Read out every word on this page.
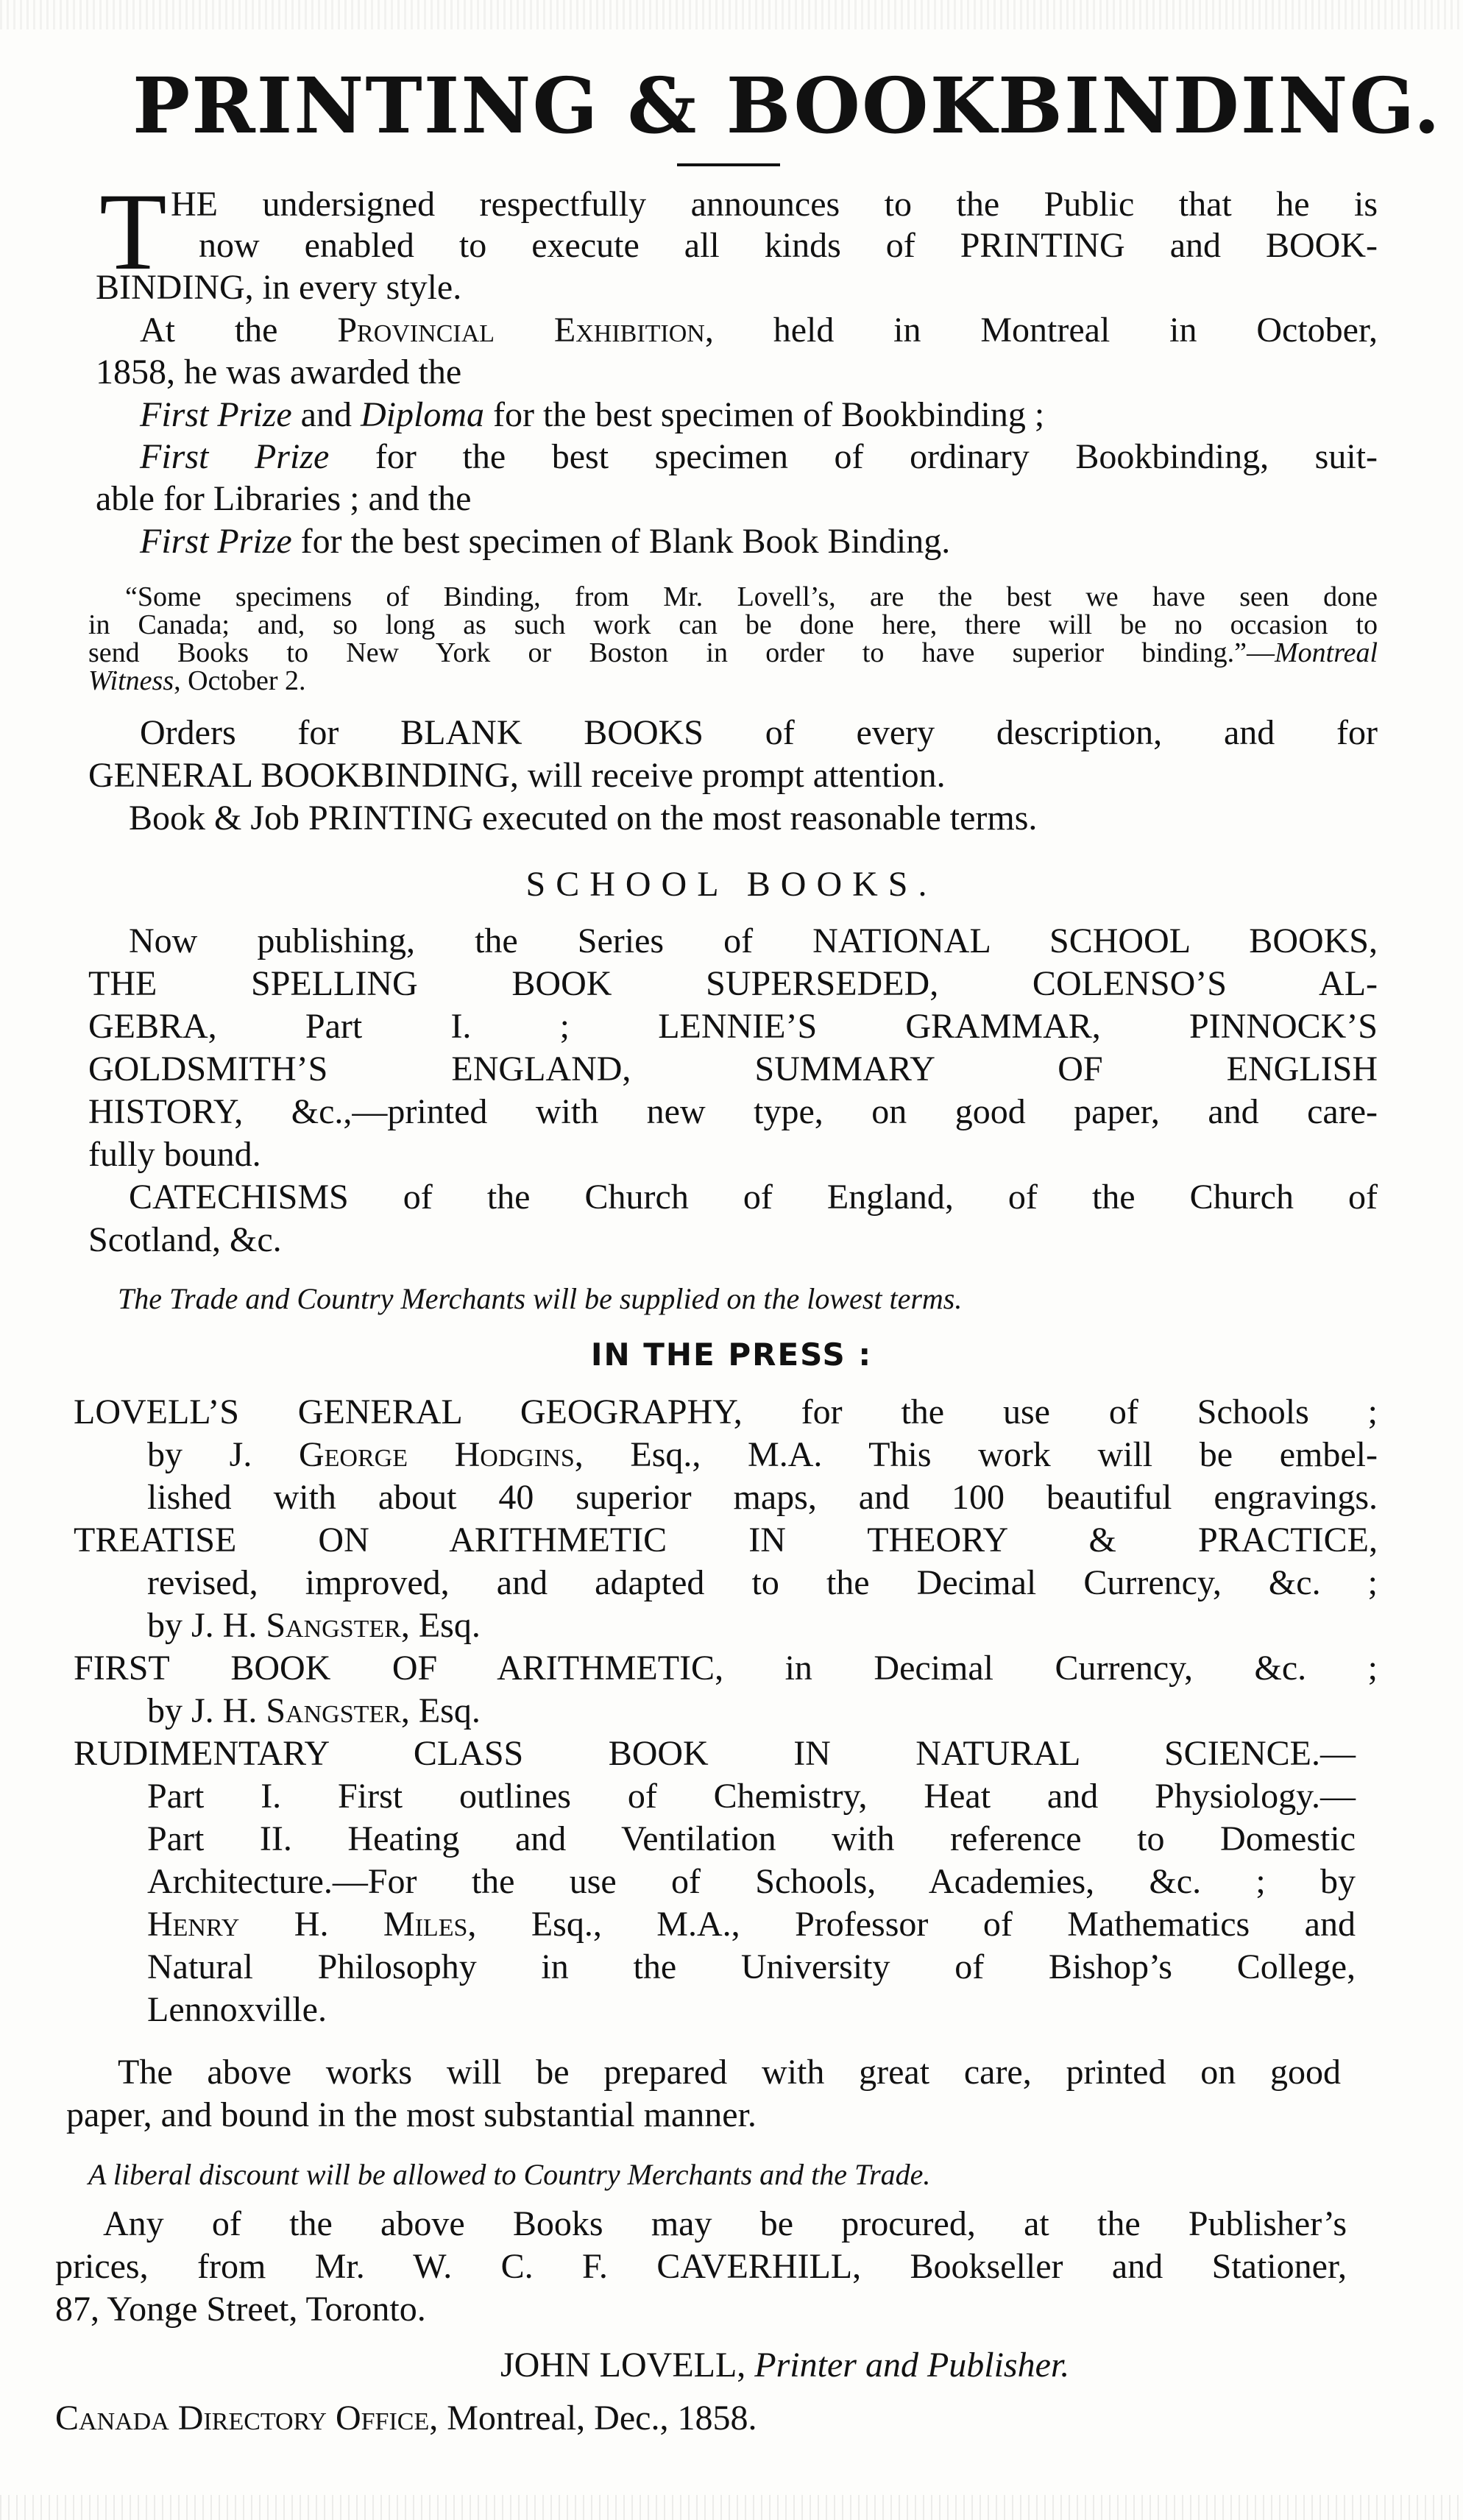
PRINTING & BOOKBINDING.
T HE undersigned respectfully announces to the Public that he is
now enabled to execute all kinds of PRINTING and BOOK-
BINDING, in every style.
At the Provincial Exhibition, held in Montreal in October,
1858, he was awarded the
First Prize and Diploma for the best specimen of Bookbinding ;
First Prize for the best specimen of ordinary Bookbinding, suit-
able for Libraries ; and the
First Prize for the best specimen of Blank Book Binding.
“Some specimens of Binding, from Mr. Lovell’s, are the best we have seen done
in Canada; and, so long as such work can be done here, there will be no occasion to
send Books to New York or Boston in order to have superior binding.”—Montreal
Witness, October 2.
Orders for BLANK BOOKS of every description, and for
GENERAL BOOKBINDING, will receive prompt attention.
Book & Job PRINTING executed on the most reasonable terms.
SCHOOL BOOKS.
Now publishing, the Series of NATIONAL SCHOOL BOOKS,
THE SPELLING BOOK SUPERSEDED, COLENSO’S AL-
GEBRA, Part I. ; LENNIE’S GRAMMAR, PINNOCK’S
GOLDSMITH’S ENGLAND, SUMMARY OF ENGLISH
HISTORY, &c.,—printed with new type, on good paper, and care-
fully bound.
CATECHISMS of the Church of England, of the Church of
Scotland, &c.
The Trade and Country Merchants will be supplied on the lowest terms.
IN THE PRESS :
LOVELL’S GENERAL GEOGRAPHY, for the use of Schools ;
by J. George Hodgins, Esq., M.A. This work will be embel-
lished with about 40 superior maps, and 100 beautiful engravings.
TREATISE ON ARITHMETIC IN THEORY & PRACTICE,
revised, improved, and adapted to the Decimal Currency, &c. ;
by J. H. Sangster, Esq.
FIRST BOOK OF ARITHMETIC, in Decimal Currency, &c. ;
by J. H. Sangster, Esq.
RUDIMENTARY CLASS BOOK IN NATURAL SCIENCE.—
Part I. First outlines of Chemistry, Heat and Physiology.—
Part II. Heating and Ventilation with reference to Domestic
Architecture.—For the use of Schools, Academies, &c. ; by
Henry H. Miles, Esq., M.A., Professor of Mathematics and
Natural Philosophy in the University of Bishop’s College,
Lennoxville.
The above works will be prepared with great care, printed on good
paper, and bound in the most substantial manner.
A liberal discount will be allowed to Country Merchants and the Trade.
Any of the above Books may be procured, at the Publisher’s
prices, from Mr. W. C. F. CAVERHILL, Bookseller and Stationer,
87, Yonge Street, Toronto.
JOHN LOVELL, Printer and Publisher.
Canada Directory Office, Montreal, Dec., 1858.
